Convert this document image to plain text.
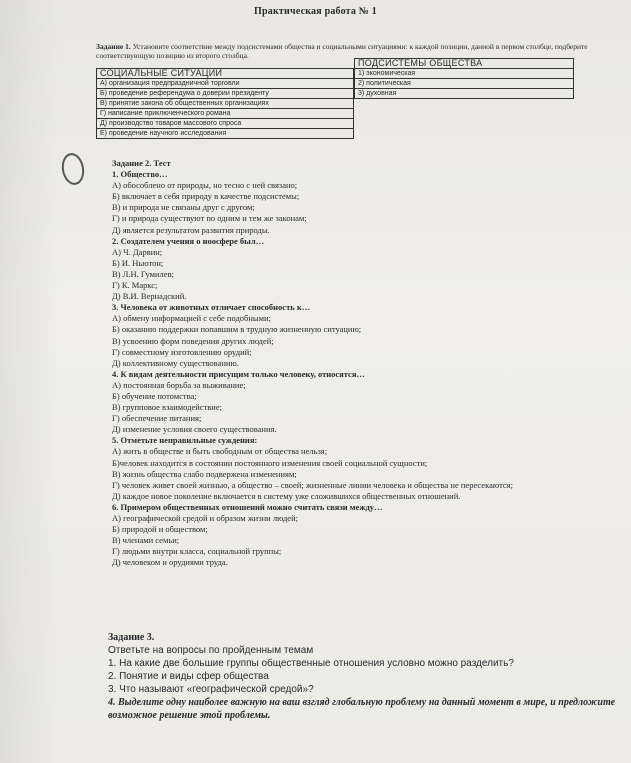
Практическая работа № 1
Задание 1. Установите соответствие между подсистемами общества и социальными ситуациями: к каждой позиции, данной в первом столбце, подберите соответствующую позицию из второго столбца.
ПОДСИСТЕМЫ ОБЩЕСТВА
1) экономическая
2) политическая
3) духовная
СОЦИАЛЬНЫЕ СИТУАЦИИ
А) организация предпраздничной торговли
Б) проведение референдума о доверии президенту
В) принятие закона об общественных организациях
Г) написание приключенческого романа
Д) производство товаров массового спроса
Е) проведение научного исследования
Задание 2. Тест
1. Общество…
А) обособлено от природы, но тесно с ней связано;
Б) включает в себя природу в качестве подсистемы;
В) и природа не связаны друг с другом;
Г) и природа существуют по одним и тем же законам;
Д) является результатом развития природы.
2. Создателем учения о ноосфере был…
А) Ч. Дарвин;
Б) И. Ньютон;
В) Л.Н. Гумилев;
Г) К. Маркс;
Д) В.И. Вернадский.
3. Человека от животных отличает способность к…
А) обмену информацией с себе подобными;
Б) оказанию поддержки попавшим в трудную жизненную ситуацию;
В) усвоению форм поведения других людей;
Г) совместному изготовлению орудий;
Д) коллективному существованию.
4. К видам деятельности присущим только человеку, относятся…
А) постоянная борьба за выживание;
Б) обучение потомства;
В) групповое взаимодействие;
Г) обеспечение питания;
Д) изменение условия своего существования.
5. Отметьте неправильные суждения:
А) жить в обществе и быть свободным от общества нельзя;
Б)человек находится в состоянии постоянного изменения своей социальной сущности;
В) жизнь общества слабо подвержена изменениям;
Г) человек живет своей жизнью, а общество – своей; жизненные линии человека и общества не пересекаются;
Д) каждое новое поколение включается в систему уже сложившихся общественных отношений.
6. Примером общественных отношений можно считать связи между…
А) географической средой и образом жизни людей;
Б) природой и обществом;
В) членами семьи;
Г) людьми внутри класса, социальной группы;
Д) человеком и орудиями труда.
Задание 3.
Ответьте на вопросы по пройденным темам
1. На какие две большие группы общественные отношения условно можно разделить?
2. Понятие и виды сфер общества
3. Что называют «географической средой»?
4. Выделите одну наиболее важную на ваш взгляд глобальную проблему на данный момент в мире, и предложите возможное решение этой проблемы.
